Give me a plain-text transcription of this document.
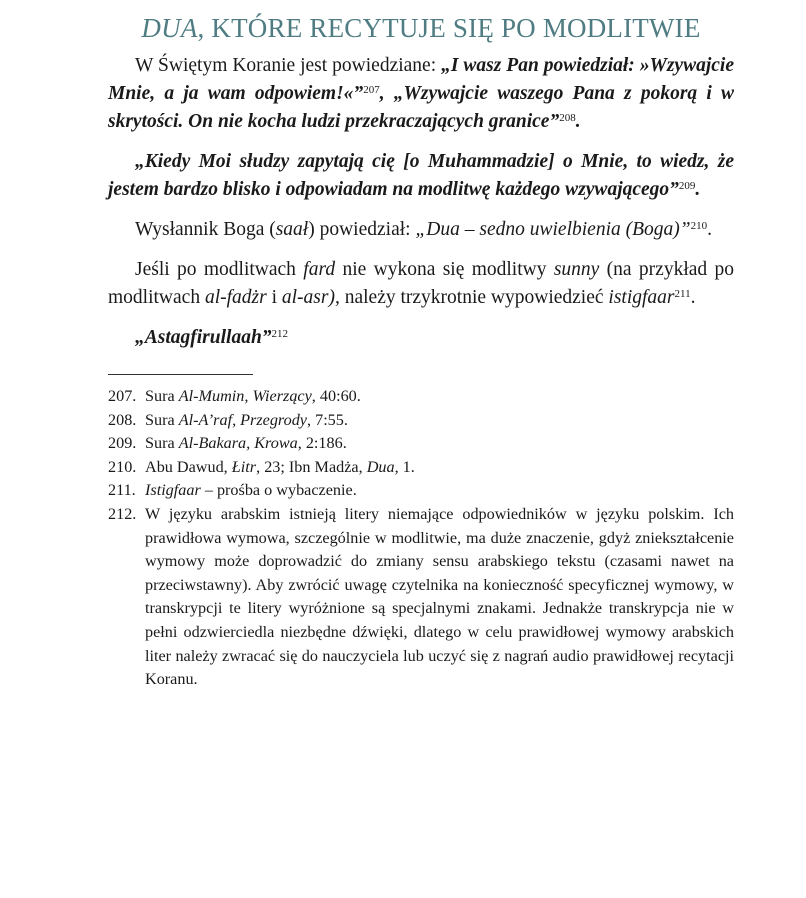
DUA, KTÓRE RECYTUJE SIĘ PO MODLITWIE

W Świętym Koranie jest powiedziane: „I wasz Pan powiedział: »Wzywajcie Mnie, a ja wam odpowiem!«”$^{207}$, „Wzywajcie waszego Pana z pokorą i w skrytości. On nie kocha ludzi przekraczających granice”$^{208}$.

„Kiedy Moi słudzy zapytają cię [o Muhammadzie] o Mnie, to wiedz, że jestem bardzo blisko i odpowiadam na modlitwę każdego wzywającego”$^{209}$.

Wysłannik Boga (saał) powiedział: „Dua – sedno uwielbienia (Boga)”$^{210}$.

Jeśli po modlitwach fard nie wykona się modlitwy sunny (na przykład po modlitwach al-fadżr i al-asr), należy trzykrotnie wypowiedzieć istigfaar$^{211}$.

„Astagfirullaah”$^{212}$

207. Sura Al-Mumin, Wierzący, 40:60.

208. Sura Al-A’raf, Przegrody, 7:55.

209. Sura Al-Bakara, Krowa, 2:186.

210. Abu Dawud, Łitr, 23; Ibn Madża, Dua, 1.

211. Istigfaar – prośba o wybaczenie.

212. W języku arabskim istnieją litery niemające odpowiedników w języku polskim. Ich prawidłowa wymowa, szczególnie w modlitwie, ma duże znaczenie, gdyż zniekształcenie wymowy może doprowadzić do zmiany sensu arabskiego tekstu (czasami nawet na przeciwstawny). Aby zwrócić uwagę czytelnika na konieczność specyficznej wymowy, w transkrypcji te litery wyróżnione są specjalnymi znakami. Jednakże transkrypcja nie w pełni odzwierciedla niezbędne dźwięki, dlatego w celu prawidłowej wymowy arabskich liter należy zwracać się do nauczyciela lub uczyć się z nagrań audio prawidłowej recytacji Koranu.
